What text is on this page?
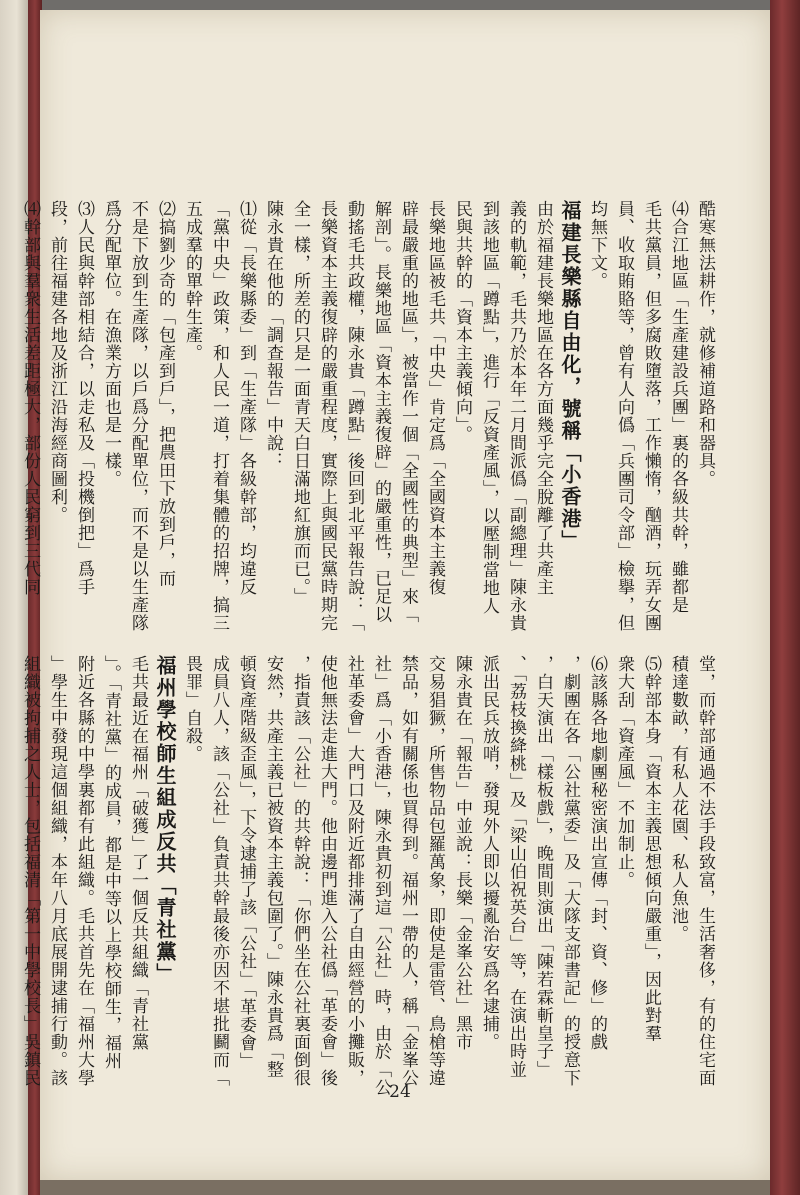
酷寒無法耕作，就修補道路和器具。
⑷合江地區「生產建設兵團」裏的各級共幹，雖都是
毛共黨員，但多腐敗墮落，工作懶惰，酗酒，玩弄女團
員、收取賄賂等，曾有人向僞「兵團司令部」檢擧，但
均無下文。
福建長樂縣自由化，號稱「小香港」
由於福建長樂地區在各方面幾乎完全脫離了共產主
義的軌範，毛共乃於本年二月間派僞「副總理」陳永貴
到該地區「蹲點」，進行「反資產風」，以壓制當地人
民與共幹的「資本主義傾向」。
長樂地區被毛共「中央」肯定爲「全國資本主義復
辟最嚴重的地區」，被當作一個「全國性的典型」來「
解剖」。長樂地區「資本主義復辟」的嚴重性，已足以
動搖毛共政權，陳永貴「蹲點」後回到北平報告說：「
長樂資本主義復辟的嚴重程度，實際上與國民黨時期完
全一樣，所差的只是一面青天白日滿地紅旗而已。」
陳永貴在他的「調查報告」中說：
⑴從「長樂縣委」到「生產隊」各級幹部，均違反
「黨中央」政策，和人民一道，打着集體的招牌，搞三
五成羣的單幹生產。
⑵搞劉少奇的「包產到戶」，把農田下放到戶，而
不是下放到生產隊，以戶爲分配單位，而不是以生產隊
爲分配單位。在漁業方面也是一樣。
⑶人民與幹部相結合，以走私及「投機倒把」爲手
段，前往福建各地及浙江沿海經商圖利。
⑷幹部與羣衆生活差距極大，部份人民窮到三代同
堂，而幹部通過不法手段致富，生活奢侈，有的住宅面
積達數畝，有私人花園、私人魚池。
⑸幹部本身「資本主義思想傾向嚴重」，因此對羣
衆大刮「資產風」不加制止。
⑹該縣各地劇團秘密演出宣傳「封、資、修」的戲
，劇團在各「公社黨委」及「大隊支部書記」的授意下
，白天演出「樣板戲」，晚間則演出「陳若霖斬皇子」
、「荔枝換絳桃」及「梁山伯祝英台」等，在演出時並
派出民兵放哨，發現外人即以擾亂治安爲名逮捕。
陳永貴在「報告」中並說：長樂「金峯公社」黑市
交易猖獗，所售物品包羅萬象，即使是雷管、鳥槍等違
禁品，如有關係也買得到。福州一帶的人，稱「金峯公
社」爲「小香港」，陳永貴初到這「公社」時，由於「公
社革委會」大門口及附近都排滿了自由經營的小攤販，
使他無法走進大門。他由邊門進入公社僞「革委會」後
，指責該「公社」的共幹說：「你們坐在公社裏面倒很
安然，共產主義已被資本主義包圍了。」陳永貴爲「整
頓資產階級歪風」，下令逮捕了該「公社」「革委會」
成員八人，該「公社」負責共幹最後亦因不堪批鬬而「
畏罪」自殺。
福州學校師生組成反共「青社黨」
毛共最近在福州「破獲」了一個反共組織「青社黨
」。「青社黨」的成員，都是中等以上學校師生，福州
附近各縣的中學裏都有此組織。毛共首先在「福州大學
」學生中發現這個組織，本年八月底展開逮捕行動。該
組織被拘捕之人士，包括福清「第一中學校長」吳鎮民
24
